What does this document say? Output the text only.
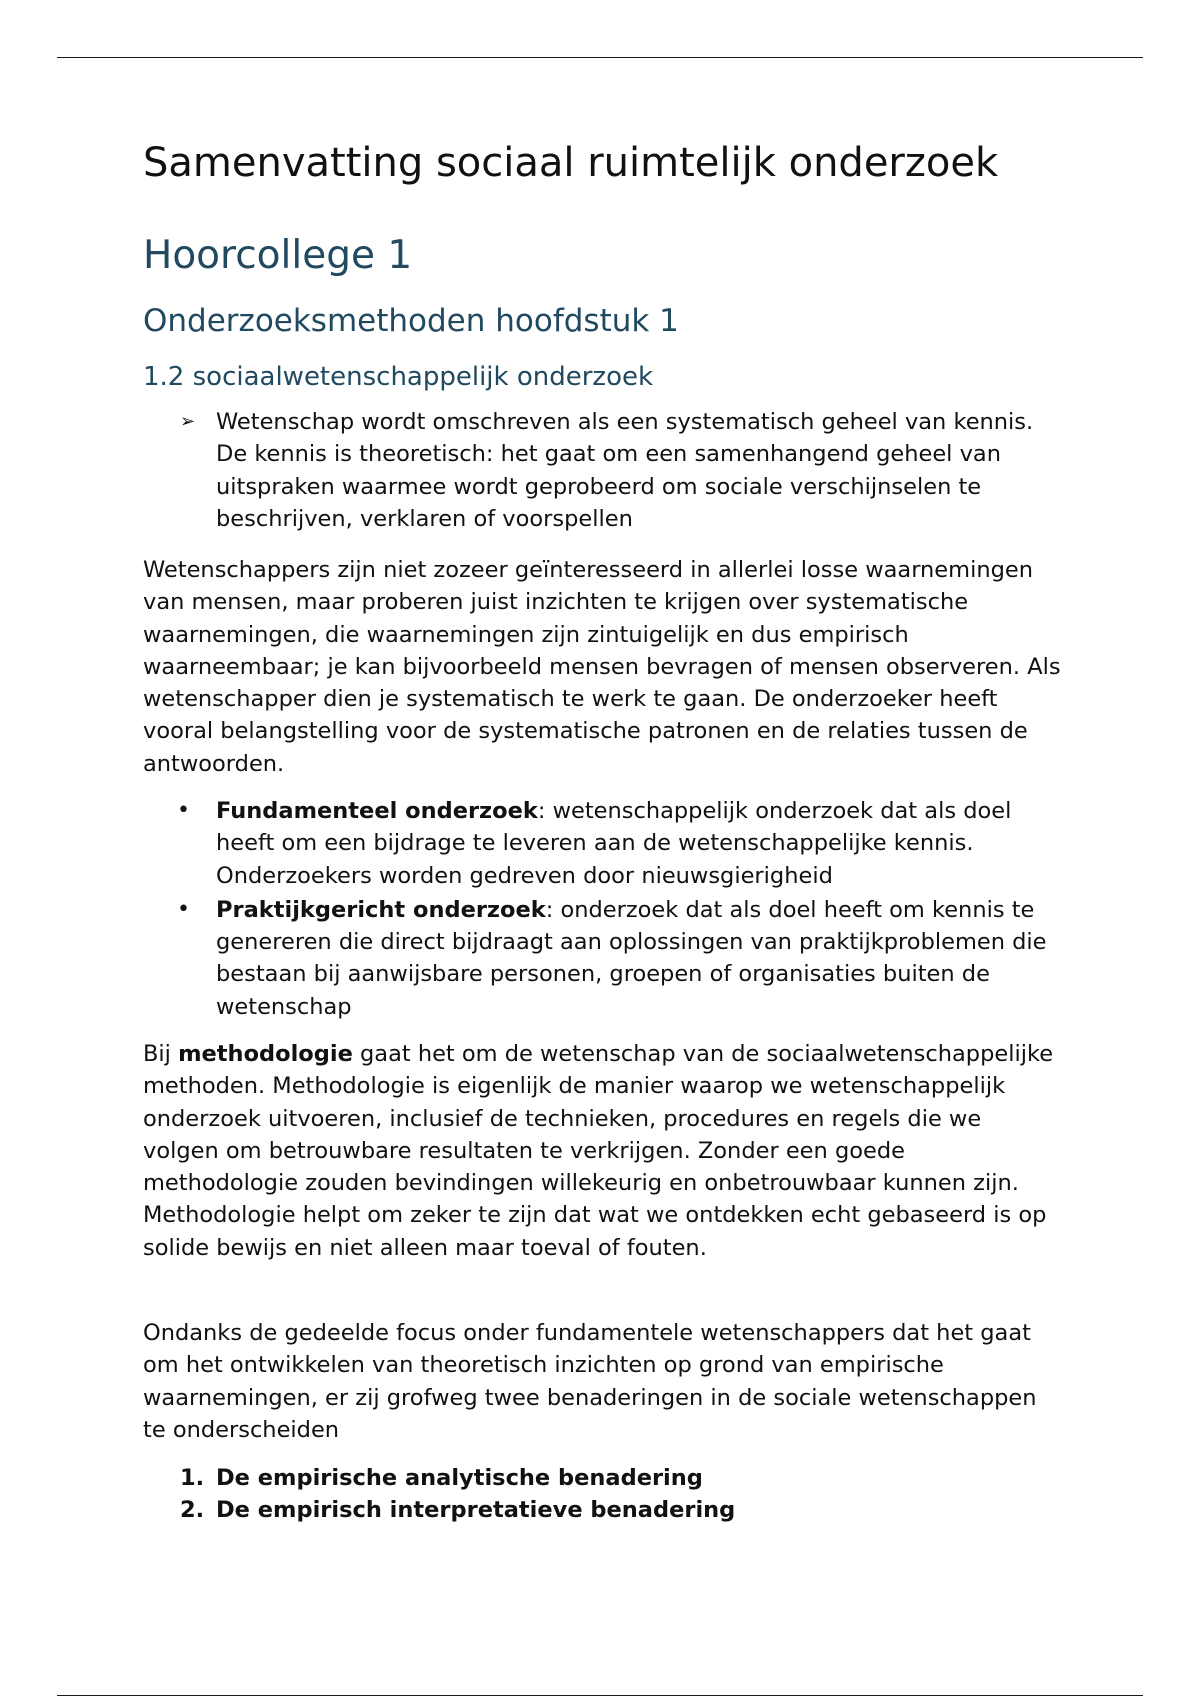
Samenvatting sociaal ruimtelijk onderzoek
Hoorcollege 1
Onderzoeksmethoden hoofdstuk 1
1.2 sociaalwetenschappelijk onderzoek
➢ Wetenschap wordt omschreven als een systematisch geheel van kennis. De kennis is theoretisch: het gaat om een samenhangend geheel van uitspraken waarmee wordt geprobeerd om sociale verschijnselen te beschrijven, verklaren of voorspellen

Wetenschappers zijn niet zozeer geïnteresseerd in allerlei losse waarnemingen van mensen, maar proberen juist inzichten te krijgen over systematische waarnemingen, die waarnemingen zijn zintuigelijk en dus empirisch waarneembaar; je kan bijvoorbeeld mensen bevragen of mensen observeren. Als wetenschapper dien je systematisch te werk te gaan. De onderzoeker heeft vooral belangstelling voor de systematische patronen en de relaties tussen de antwoorden.

• Fundamenteel onderzoek: wetenschappelijk onderzoek dat als doel heeft om een bijdrage te leveren aan de wetenschappelijke kennis. Onderzoekers worden gedreven door nieuwsgierigheid
• Praktijkgericht onderzoek: onderzoek dat als doel heeft om kennis te genereren die direct bijdraagt aan oplossingen van praktijkproblemen die bestaan bij aanwijsbare personen, groepen of organisaties buiten de wetenschap

Bij methodologie gaat het om de wetenschap van de sociaalwetenschappelijke methoden. Methodologie is eigenlijk de manier waarop we wetenschappelijk onderzoek uitvoeren, inclusief de technieken, procedures en regels die we volgen om betrouwbare resultaten te verkrijgen. Zonder een goede methodologie zouden bevindingen willekeurig en onbetrouwbaar kunnen zijn. Methodologie helpt om zeker te zijn dat wat we ontdekken echt gebaseerd is op solide bewijs en niet alleen maar toeval of fouten.

Ondanks de gedeelde focus onder fundamentele wetenschappers dat het gaat om het ontwikkelen van theoretisch inzichten op grond van empirische waarnemingen, er zij grofweg twee benaderingen in de sociale wetenschappen te onderscheiden

1. De empirische analytische benadering
2. De empirisch interpretatieve benadering
